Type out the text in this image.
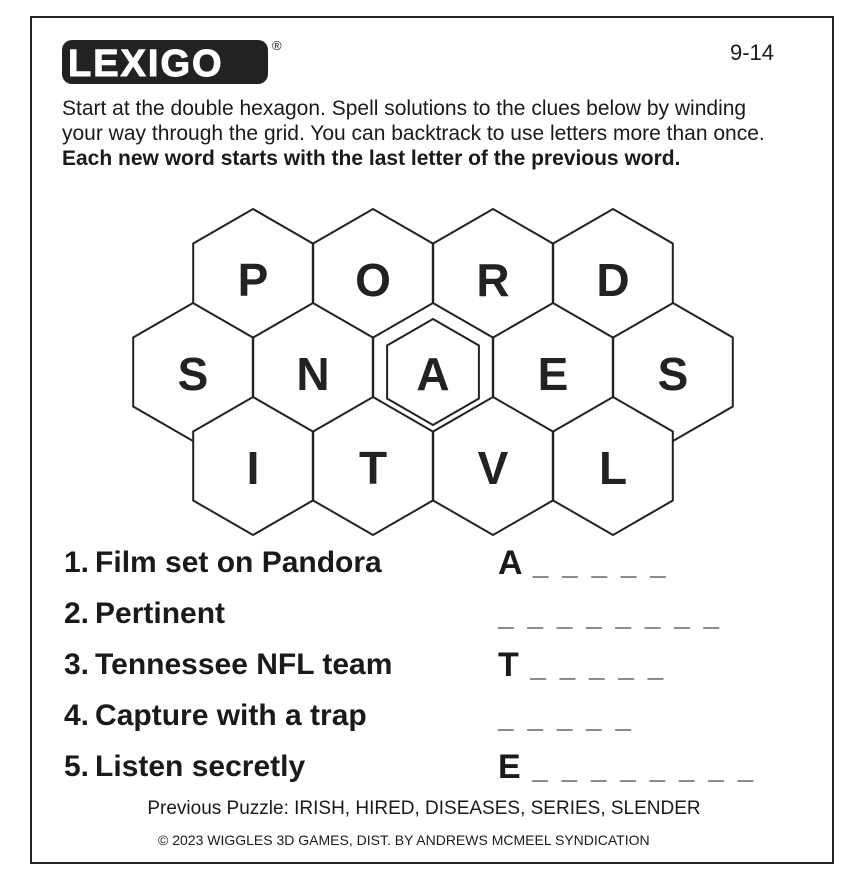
LEXIGO	®	9-14
Start at the double hexagon. Spell solutions to the clues below by winding your way through the grid. You can backtrack to use letters more than once. Each new word starts with the last letter of the previous word.
P O R D
S N A E S
I T V L
1. Film set on Pandora	A _ _ _ _ _
2. Pertinent	_ _ _ _ _ _ _ _
3. Tennessee NFL team	T _ _ _ _ _
4. Capture with a trap	_ _ _ _ _
5. Listen secretly	E _ _ _ _ _ _ _ _
Previous Puzzle: IRISH, HIRED, DISEASES, SERIES, SLENDER
© 2023 WIGGLES 3D GAMES, DIST. BY ANDREWS MCMEEL SYNDICATION
